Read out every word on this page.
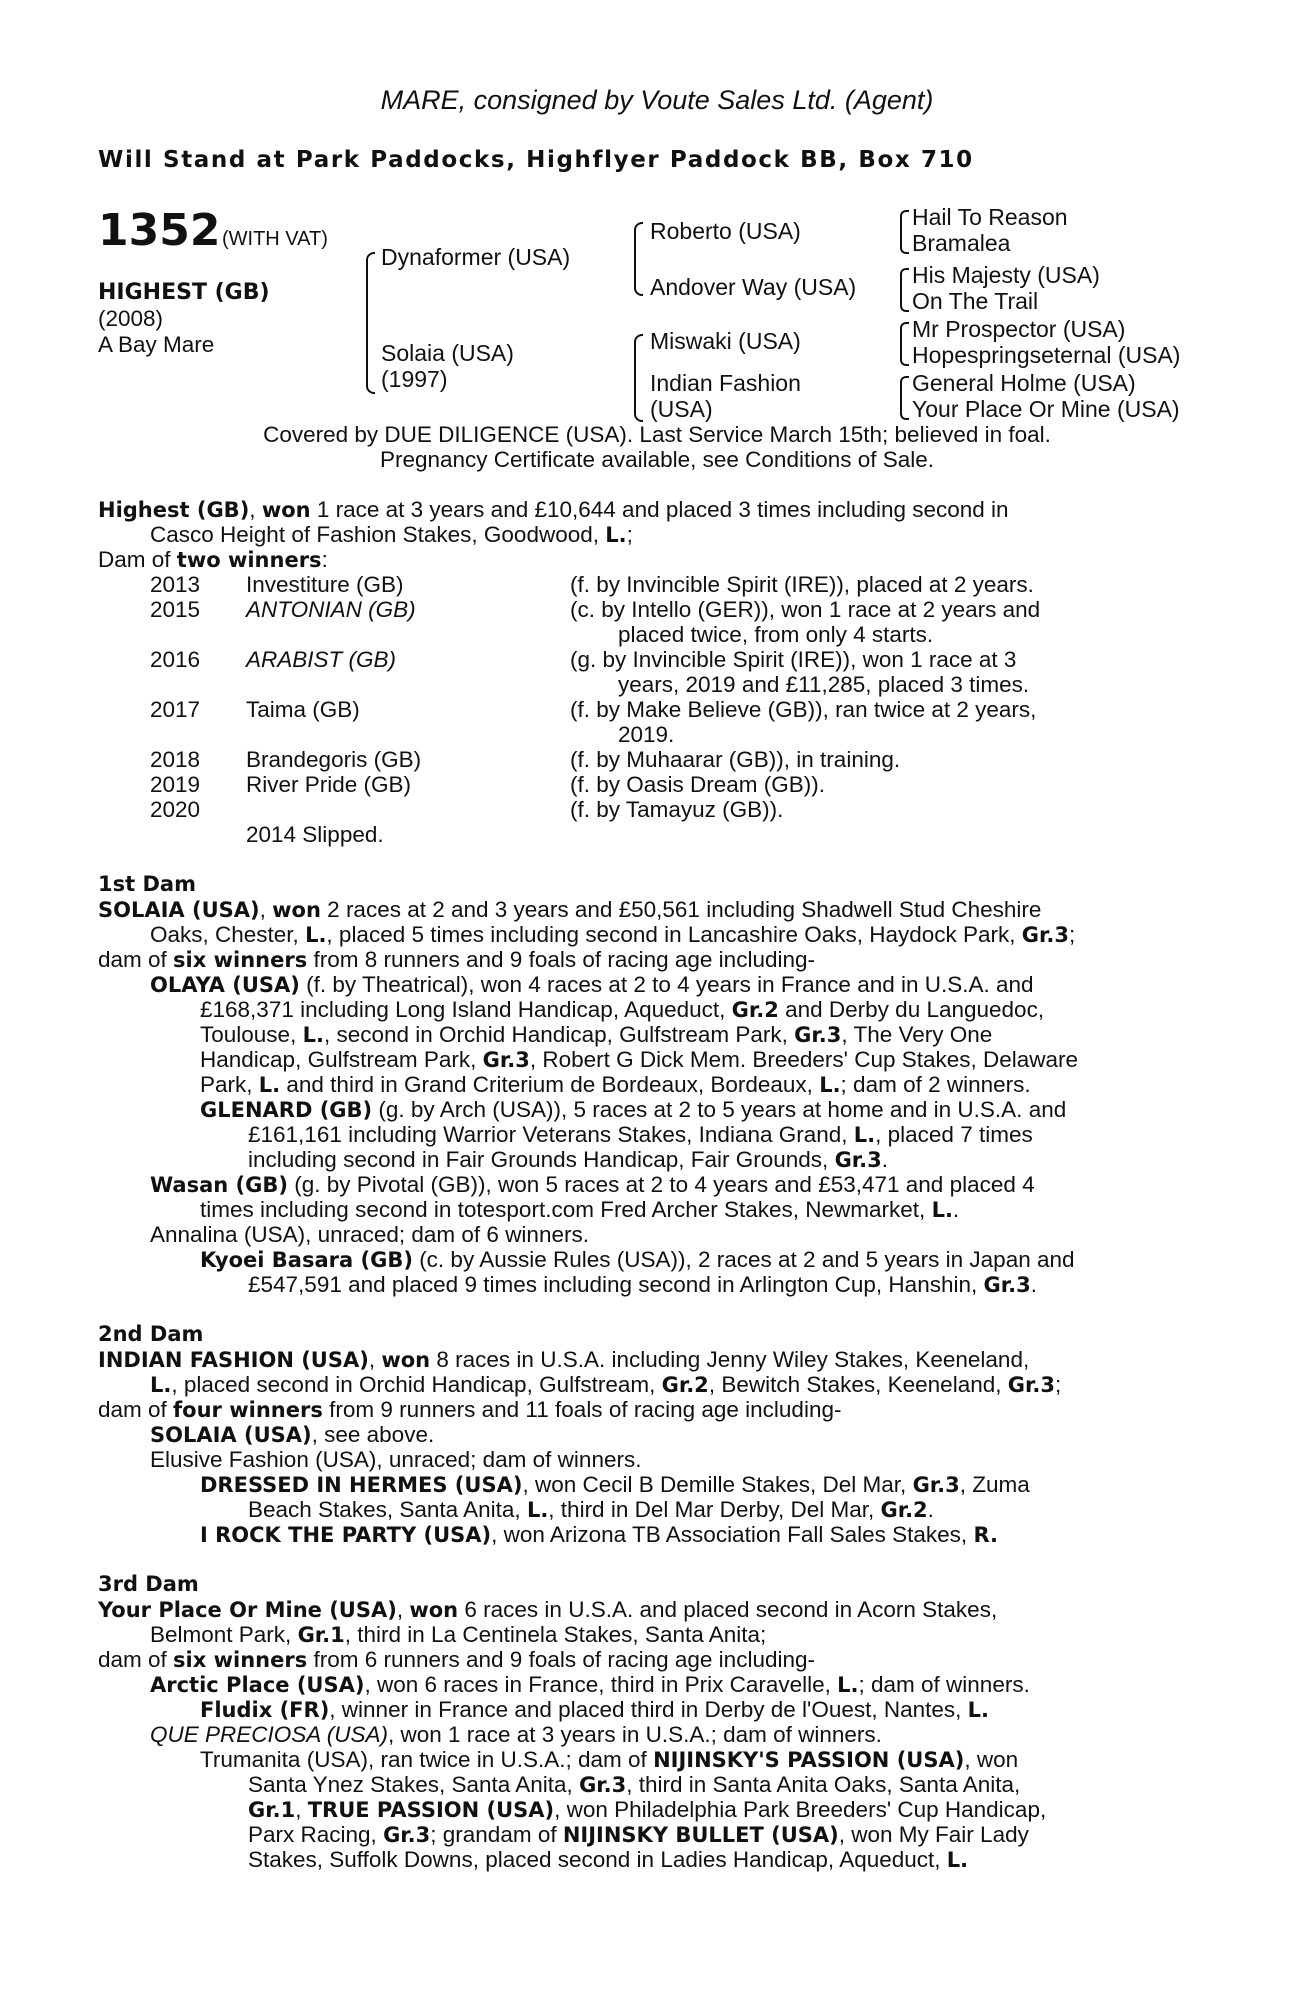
MARE, consigned by Voute Sales Ltd. (Agent)
Will Stand at Park Paddocks, Highflyer Paddock BB, Box 710
1352 (WITH VAT)
HIGHEST (GB)
(2008)
A Bay Mare
Dynaformer (USA)
Solaia (USA)
(1997)
Roberto (USA)
Andover Way (USA)
Miswaki (USA)
Indian Fashion
(USA)
Hail To Reason
Bramalea
His Majesty (USA)
On The Trail
Mr Prospector (USA)
Hopespringseternal (USA)
General Holme (USA)
Your Place Or Mine (USA)
Covered by DUE DILIGENCE (USA). Last Service March 15th; believed in foal.
Pregnancy Certificate available, see Conditions of Sale.
Highest (GB), won 1 race at 3 years and £10,644 and placed 3 times including second in
Casco Height of Fashion Stakes, Goodwood, L.;
Dam of two winners:
2013 Investiture (GB)	(f. by Invincible Spirit (IRE)), placed at 2 years.
2015 ANTONIAN (GB)	(c. by Intello (GER)), won 1 race at 2 years and
placed twice, from only 4 starts.
2016 ARABIST (GB)	(g. by Invincible Spirit (IRE)), won 1 race at 3
years, 2019 and £11,285, placed 3 times.
2017 Taima (GB)	(f. by Make Believe (GB)), ran twice at 2 years,
2019.
2018 Brandegoris (GB)	(f. by Muhaarar (GB)), in training.
2019 River Pride (GB)	(f. by Oasis Dream (GB)).
2020	(f. by Tamayuz (GB)).
2014 Slipped.
1st Dam
SOLAIA (USA), won 2 races at 2 and 3 years and £50,561 including Shadwell Stud Cheshire
Oaks, Chester, L., placed 5 times including second in Lancashire Oaks, Haydock Park, Gr.3;
dam of six winners from 8 runners and 9 foals of racing age including-
OLAYA (USA) (f. by Theatrical), won 4 races at 2 to 4 years in France and in U.S.A. and
£168,371 including Long Island Handicap, Aqueduct, Gr.2 and Derby du Languedoc,
Toulouse, L., second in Orchid Handicap, Gulfstream Park, Gr.3, The Very One
Handicap, Gulfstream Park, Gr.3, Robert G Dick Mem. Breeders' Cup Stakes, Delaware
Park, L. and third in Grand Criterium de Bordeaux, Bordeaux, L.; dam of 2 winners.
GLENARD (GB) (g. by Arch (USA)), 5 races at 2 to 5 years at home and in U.S.A. and
£161,161 including Warrior Veterans Stakes, Indiana Grand, L., placed 7 times
including second in Fair Grounds Handicap, Fair Grounds, Gr.3.
Wasan (GB) (g. by Pivotal (GB)), won 5 races at 2 to 4 years and £53,471 and placed 4
times including second in totesport.com Fred Archer Stakes, Newmarket, L..
Annalina (USA), unraced; dam of 6 winners.
Kyoei Basara (GB) (c. by Aussie Rules (USA)), 2 races at 2 and 5 years in Japan and
£547,591 and placed 9 times including second in Arlington Cup, Hanshin, Gr.3.
2nd Dam
INDIAN FASHION (USA), won 8 races in U.S.A. including Jenny Wiley Stakes, Keeneland,
L., placed second in Orchid Handicap, Gulfstream, Gr.2, Bewitch Stakes, Keeneland, Gr.3;
dam of four winners from 9 runners and 11 foals of racing age including-
SOLAIA (USA), see above.
Elusive Fashion (USA), unraced; dam of winners.
DRESSED IN HERMES (USA), won Cecil B Demille Stakes, Del Mar, Gr.3, Zuma
Beach Stakes, Santa Anita, L., third in Del Mar Derby, Del Mar, Gr.2.
I ROCK THE PARTY (USA), won Arizona TB Association Fall Sales Stakes, R.
3rd Dam
Your Place Or Mine (USA), won 6 races in U.S.A. and placed second in Acorn Stakes,
Belmont Park, Gr.1, third in La Centinela Stakes, Santa Anita;
dam of six winners from 6 runners and 9 foals of racing age including-
Arctic Place (USA), won 6 races in France, third in Prix Caravelle, L.; dam of winners.
Fludix (FR), winner in France and placed third in Derby de l'Ouest, Nantes, L.
QUE PRECIOSA (USA), won 1 race at 3 years in U.S.A.; dam of winners.
Trumanita (USA), ran twice in U.S.A.; dam of NIJINSKY'S PASSION (USA), won
Santa Ynez Stakes, Santa Anita, Gr.3, third in Santa Anita Oaks, Santa Anita,
Gr.1, TRUE PASSION (USA), won Philadelphia Park Breeders' Cup Handicap,
Parx Racing, Gr.3; grandam of NIJINSKY BULLET (USA), won My Fair Lady
Stakes, Suffolk Downs, placed second in Ladies Handicap, Aqueduct, L.
